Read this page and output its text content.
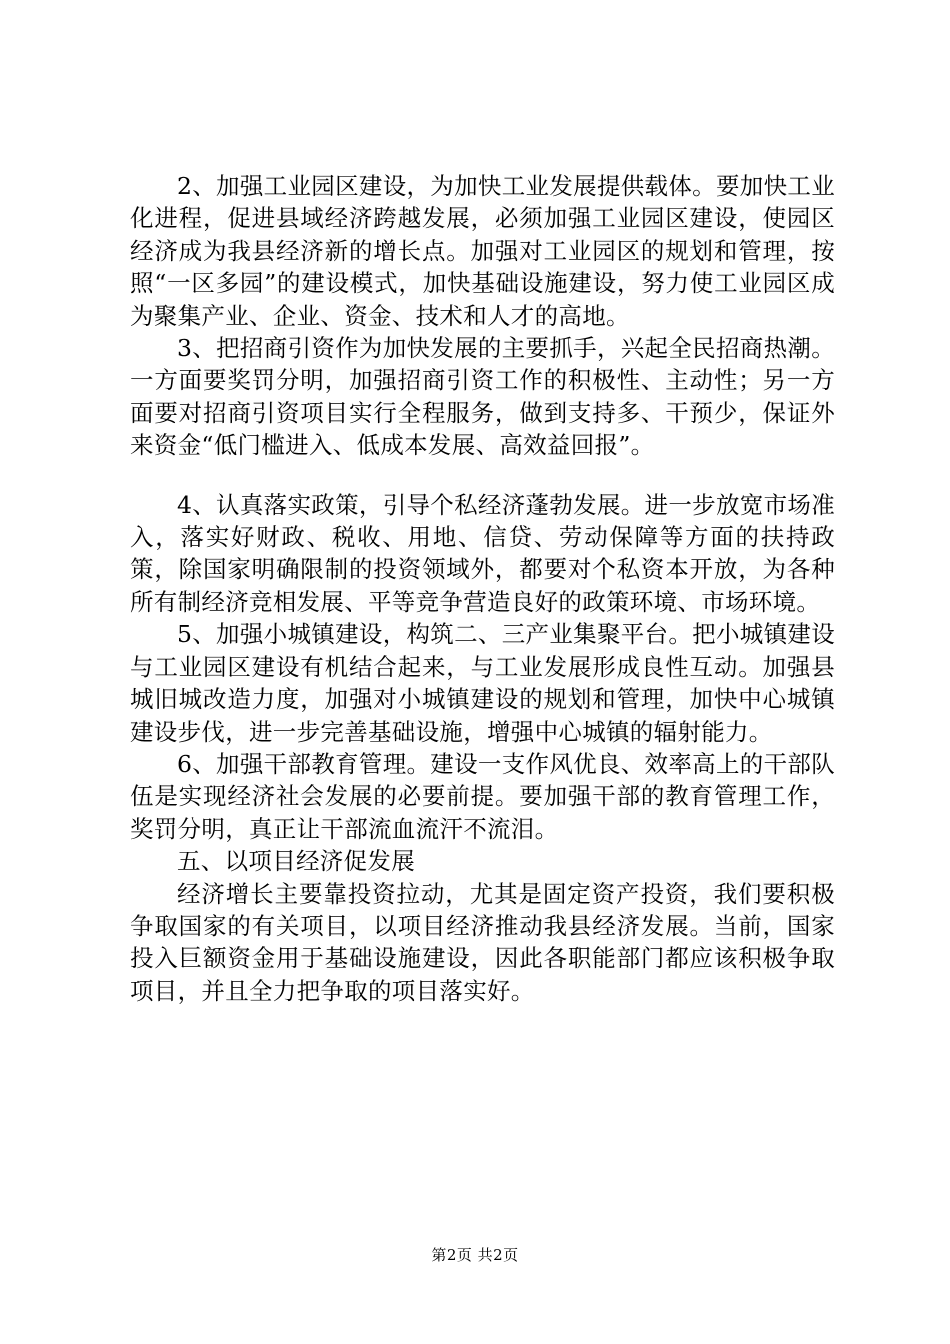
2、加强工业园区建设，为加快工业发展提供载体。要加快工业化进程，促进县域经济跨越发展，必须加强工业园区建设，使园区经济成为我县经济新的增长点。加强对工业园区的规划和管理，按照“一区多园”的建设模式，加快基础设施建设，努力使工业园区成为聚集产业、企业、资金、技术和人才的高地。

3、把招商引资作为加快发展的主要抓手，兴起全民招商热潮。一方面要奖罚分明，加强招商引资工作的积极性、主动性；另一方面要对招商引资项目实行全程服务，做到支持多、干预少，保证外来资金“低门槛进入、低成本发展、高效益回报”。

4、认真落实政策，引导个私经济蓬勃发展。进一步放宽市场准入，落实好财政、税收、用地、信贷、劳动保障等方面的扶持政策，除国家明确限制的投资领域外，都要对个私资本开放，为各种所有制经济竞相发展、平等竞争营造良好的政策环境、市场环境。

5、加强小城镇建设，构筑二、三产业集聚平台。把小城镇建设与工业园区建设有机结合起来，与工业发展形成良性互动。加强县城旧城改造力度，加强对小城镇建设的规划和管理，加快中心城镇建设步伐，进一步完善基础设施，增强中心城镇的辐射能力。

6、加强干部教育管理。建设一支作风优良、效率高上的干部队伍是实现经济社会发展的必要前提。要加强干部的教育管理工作，奖罚分明，真正让干部流血流汗不流泪。

五、以项目经济促发展

经济增长主要靠投资拉动，尤其是固定资产投资，我们要积极争取国家的有关项目，以项目经济推动我县经济发展。当前，国家投入巨额资金用于基础设施建设，因此各职能部门都应该积极争取项目，并且全力把争取的项目落实好。

第2页 共2页
